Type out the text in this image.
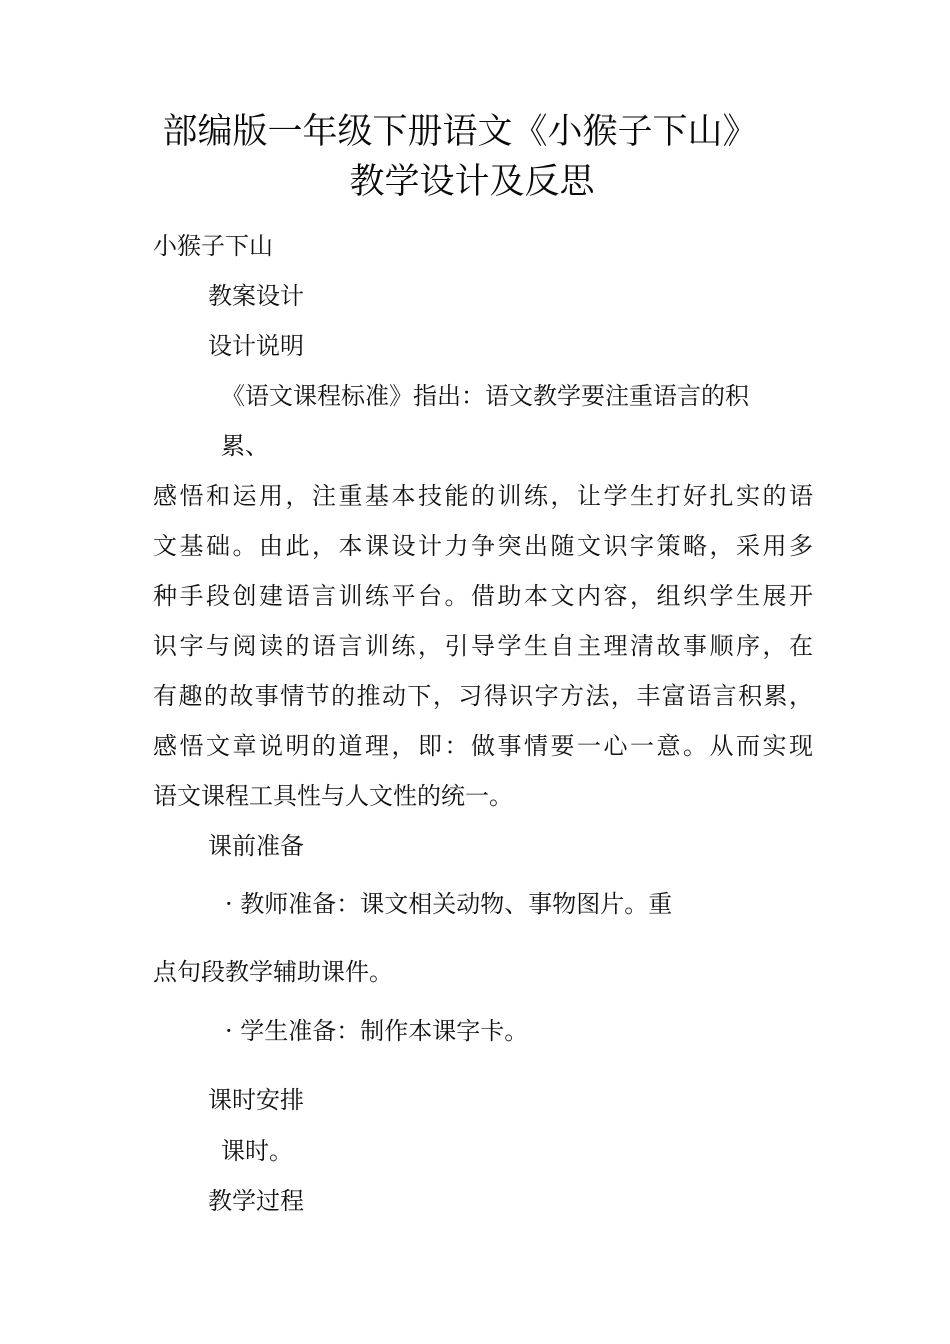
部编版一年级下册语文《小猴子下山》
教学设计及反思
小猴子下山
教案设计
设计说明
《语文课程标准》指出：语文教学要注重语言的积
累、
感悟和运用，注重基本技能的训练，让学生打好扎实的语
文基础。由此，本课设计力争突出随文识字策略，采用多
种手段创建语言训练平台。借助本文内容，组织学生展开
识字与阅读的语言训练，引导学生自主理清故事顺序，在
有趣的故事情节的推动下，习得识字方法，丰富语言积累，
感悟文章说明的道理，即：做事情要一心一意。从而实现
语文课程工具性与人文性的统一。
课前准备
· 教师准备：课文相关动物、事物图片。重
点句段教学辅助课件。
· 学生准备：制作本课字卡。
课时安排
课时。
教学过程
